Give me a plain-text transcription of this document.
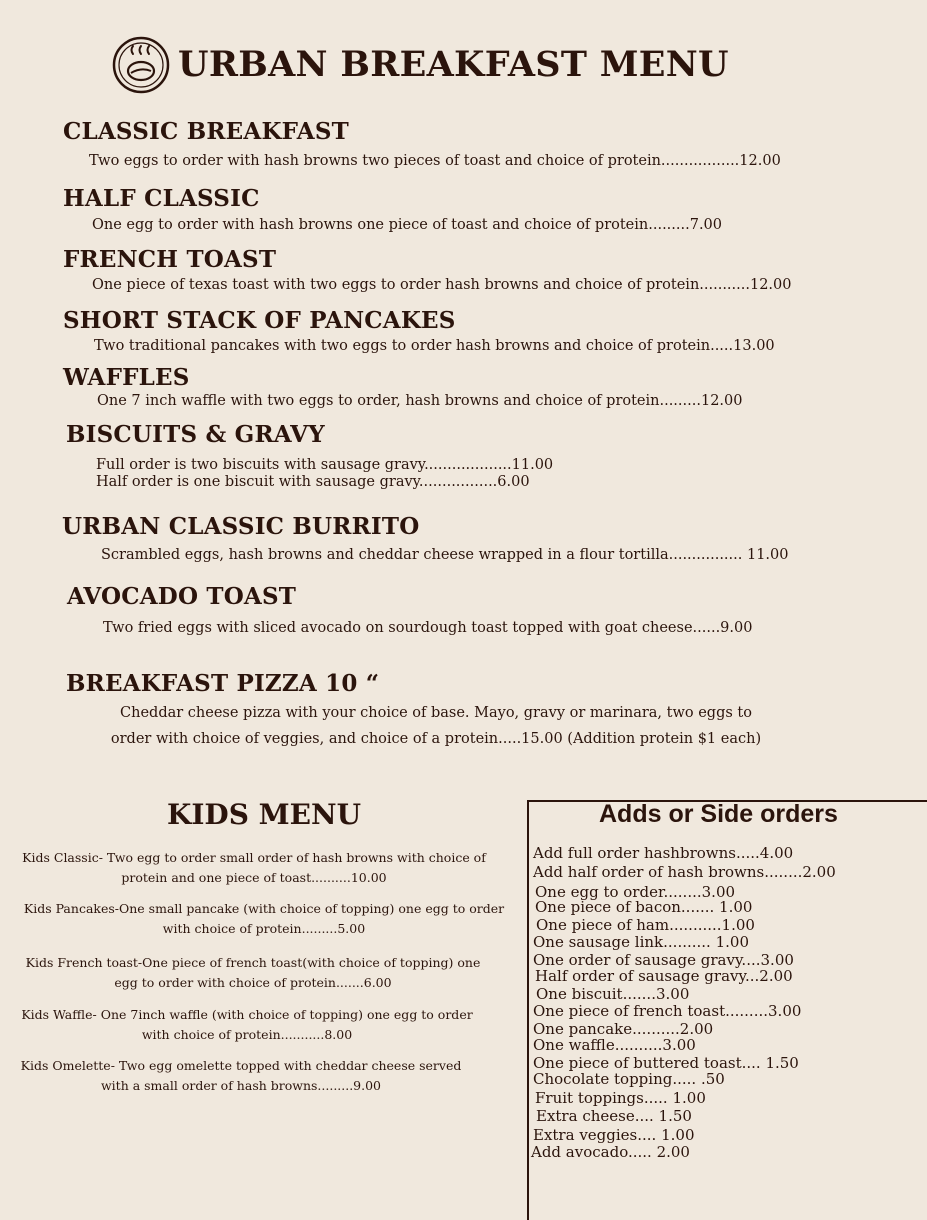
URBAN BREAKFAST MENU
CLASSIC BREAKFAST
Two eggs to order with hash browns two pieces of toast and choice of protein.................12.00
HALF CLASSIC
One egg to order with hash browns one piece of toast and choice of protein.........7.00
FRENCH TOAST
One piece of texas toast with two eggs to order hash browns and choice of protein...........12.00
SHORT STACK OF PANCAKES
Two traditional pancakes with two eggs to order hash browns and choice of protein.....13.00
WAFFLES
One 7 inch waffle with two eggs to order, hash browns and choice of protein.........12.00
BISCUITS & GRAVY
Full order is two biscuits with sausage gravy...................11.00
Half order is one biscuit with sausage gravy.................6.00
URBAN CLASSIC BURRITO
Scrambled eggs, hash browns and cheddar cheese wrapped in a flour tortilla................ 11.00
AVOCADO TOAST
Two fried eggs with sliced avocado on sourdough toast topped with goat cheese......9.00
BREAKFAST PIZZA 10 “
Cheddar cheese pizza with your choice of base. Mayo, gravy or marinara, two eggs to
order with choice of veggies, and choice of a protein.....15.00 (Addition protein $1 each)
KIDS MENU
Kids Classic- Two egg to order small order of hash browns with choice of
protein and one piece of toast..........10.00
Kids Pancakes-One small pancake (with choice of topping) one egg to order
with choice of protein.........5.00
Kids French toast-One piece of french toast(with choice of topping) one
egg to order with choice of protein.......6.00
Kids Waffle- One 7inch waffle (with choice of topping) one egg to order
with choice of protein...........8.00
Kids Omelette- Two egg omelette topped with cheddar cheese served
with a small order of hash browns.........9.00
Adds or Side orders
Add full order hashbrowns.....4.00
Add half order of hash browns........2.00
One egg to order........3.00
One piece of bacon....... 1.00
One piece of ham...........1.00
One sausage link.......... 1.00
One order of sausage gravy....3.00
Half order of sausage gravy...2.00
One biscuit.......3.00
One piece of french toast.........3.00
One pancake..........2.00
One waffle..........3.00
One piece of buttered toast.... 1.50
Chocolate topping..... .50
Fruit toppings..... 1.00
Extra cheese.... 1.50
Extra veggies.... 1.00
Add avocado..... 2.00
